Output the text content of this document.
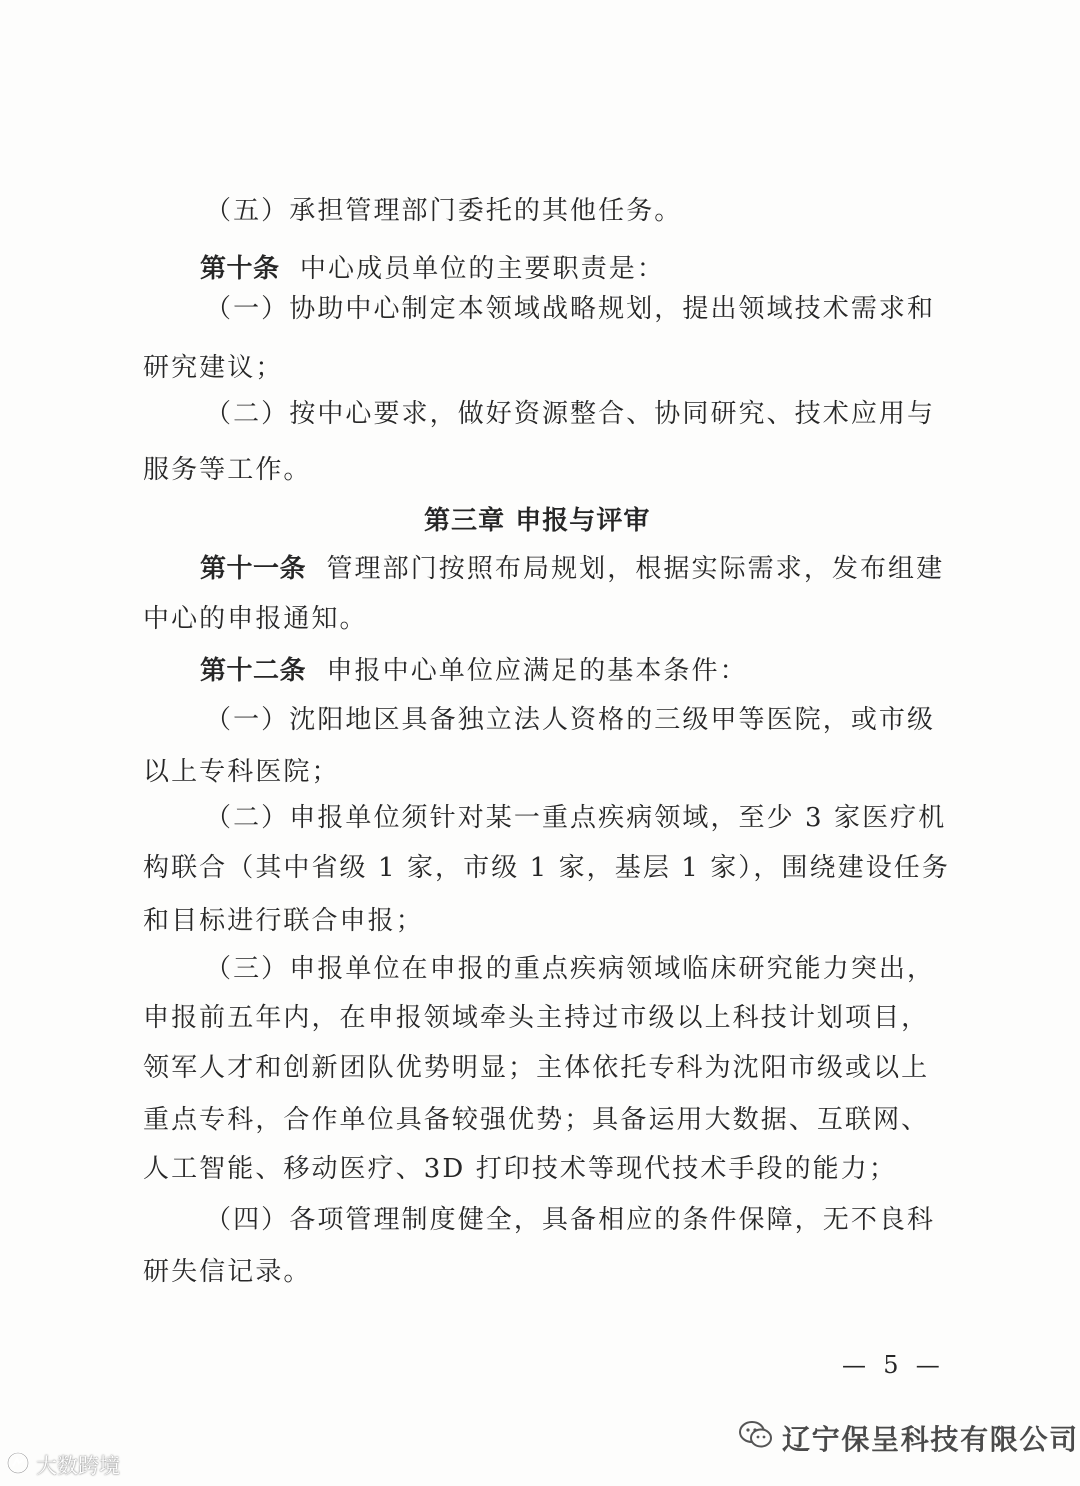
（五）承担管理部门委托的其他任务。
第十条 中心成员单位的主要职责是：
（一）协助中心制定本领域战略规划，提出领域技术需求和
研究建议；
（二）按中心要求，做好资源整合、协同研究、技术应用与
服务等工作。
第三章 申报与评审
第十一条 管理部门按照布局规划，根据实际需求，发布组建
中心的申报通知。
第十二条 申报中心单位应满足的基本条件：
（一）沈阳地区具备独立法人资格的三级甲等医院，或市级
以上专科医院；
（二）申报单位须针对某一重点疾病领域，至少 3 家医疗机
构联合（其中省级 1 家，市级 1 家，基层 1 家），围绕建设任务
和目标进行联合申报；
（三）申报单位在申报的重点疾病领域临床研究能力突出，
申报前五年内，在申报领域牵头主持过市级以上科技计划项目，
领军人才和创新团队优势明显；主体依托专科为沈阳市级或以上
重点专科，合作单位具备较强优势；具备运用大数据、互联网、
人工智能、移动医疗、3D 打印技术等现代技术手段的能力；
（四）各项管理制度健全，具备相应的条件保障，无不良科
研失信记录。
— 5 —
大数跨境
辽宁保呈科技有限公司
